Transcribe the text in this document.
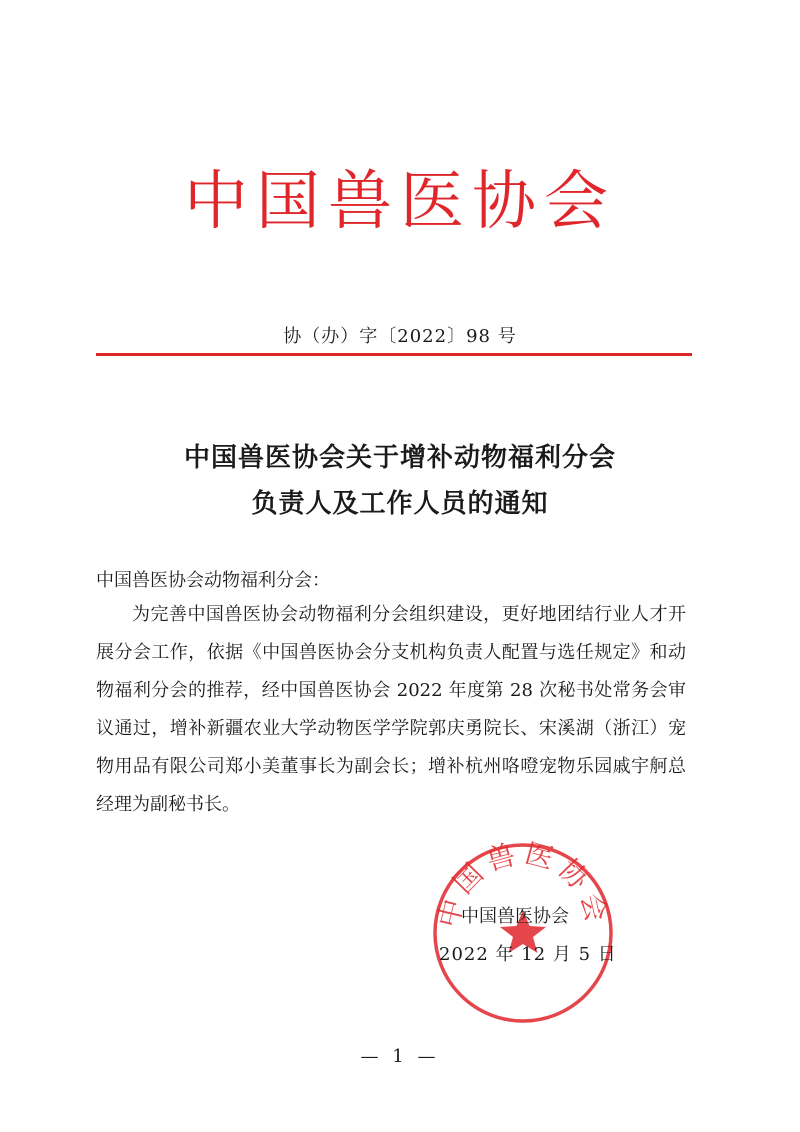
中国兽医协会
协（办）字〔2022〕98 号
中国兽医协会关于增补动物福利分会
负责人及工作人员的通知
中国兽医协会动物福利分会：

为完善中国兽医协会动物福利分会组织建设，更好地团结行业人才开展分会工作，依据《中国兽医协会分支机构负责人配置与选任规定》和动物福利分会的推荐，经中国兽医协会 2022 年度第 28 次秘书处常务会审议通过，增补新疆农业大学动物医学学院郭庆勇院长、宋溪湖（浙江）宠物用品有限公司郑小美董事长为副会长；增补杭州咯噔宠物乐园戚宇舸总经理为副秘书长。

中国兽医协会
中国兽医协会
2022 年 12 月 5 日
— 1 —
